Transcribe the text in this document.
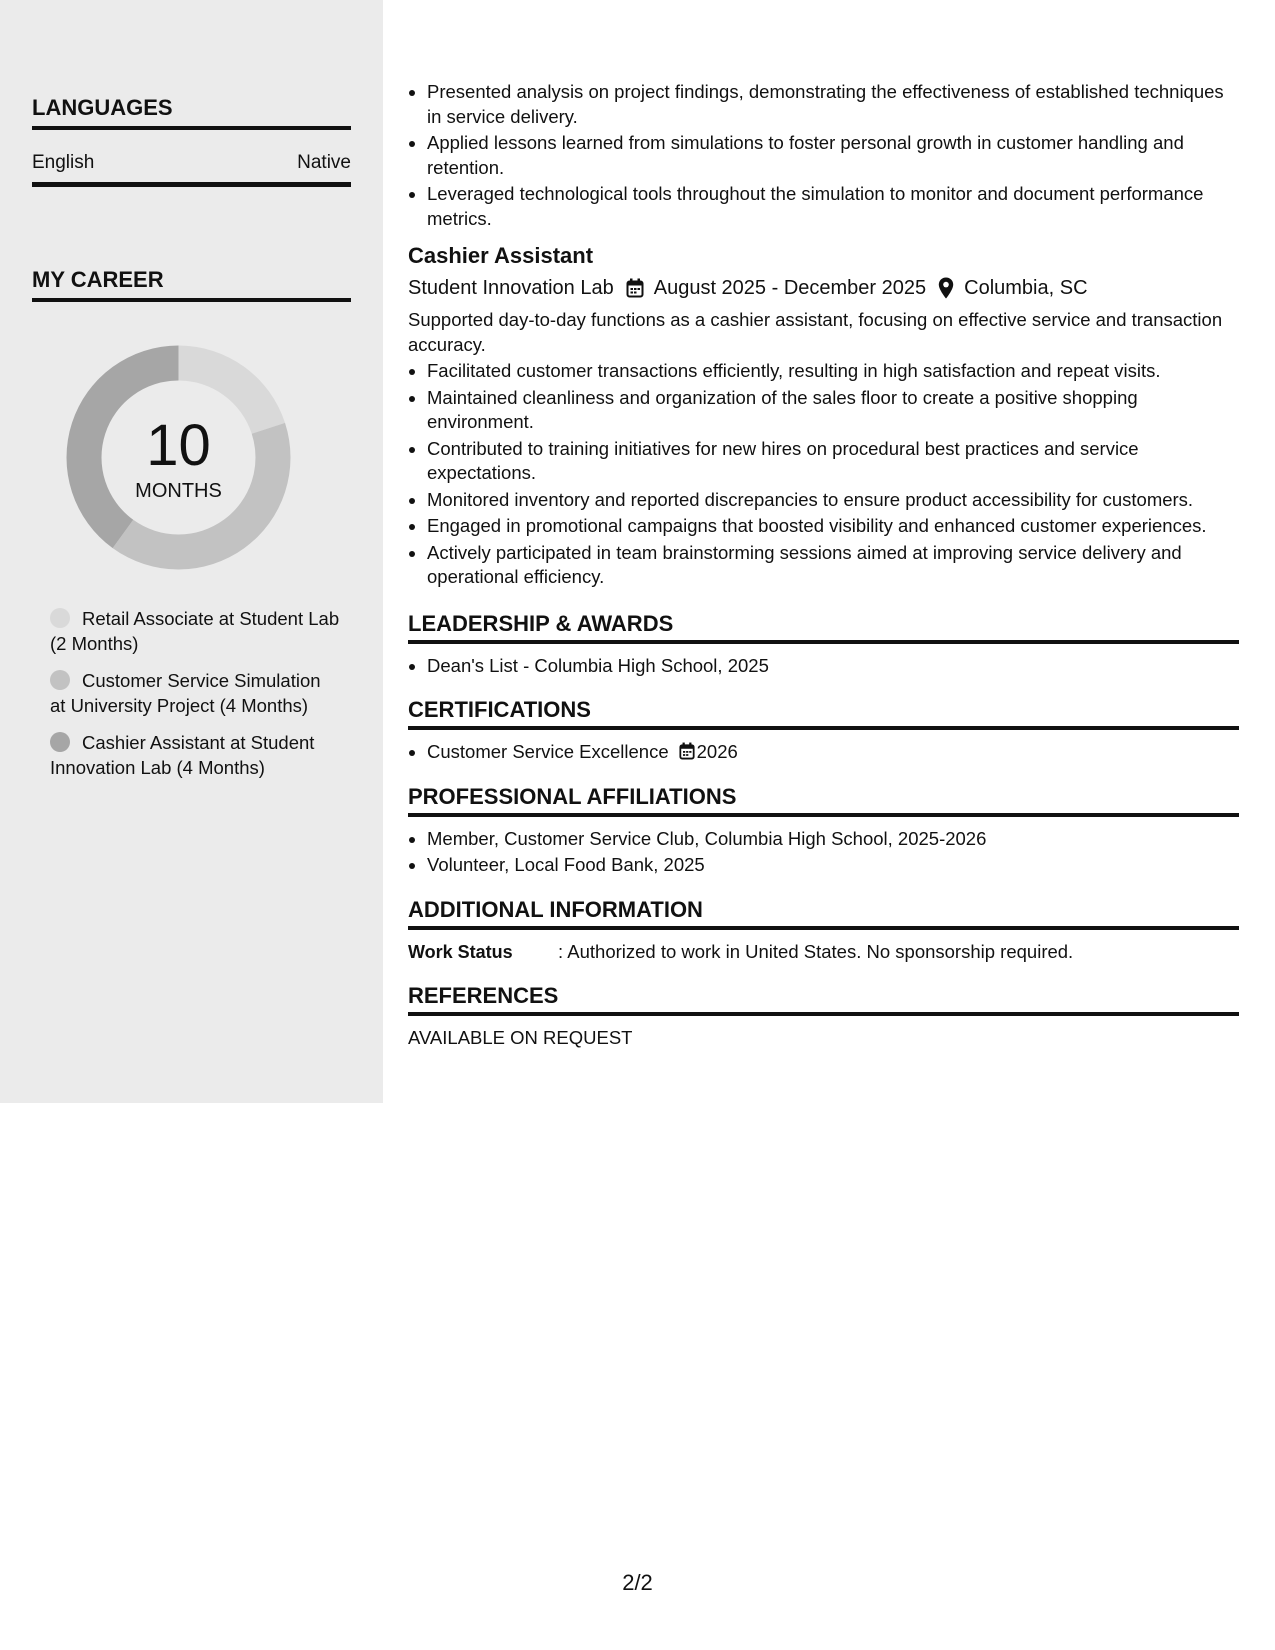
LANGUAGES
English	Native
MY CAREER
10
MONTHS
Retail Associate at Student Lab (2 Months)
Customer Service Simulation at University Project (4 Months)
Cashier Assistant at Student Innovation Lab (4 Months)
• Presented analysis on project findings, demonstrating the effectiveness of established techniques in service delivery.
• Applied lessons learned from simulations to foster personal growth in customer handling and retention.
• Leveraged technological tools throughout the simulation to monitor and document performance metrics.
Cashier Assistant
Student Innovation Lab August 2025 - December 2025 Columbia, SC
Supported day-to-day functions as a cashier assistant, focusing on effective service and transaction accuracy.
• Facilitated customer transactions efficiently, resulting in high satisfaction and repeat visits.
• Maintained cleanliness and organization of the sales floor to create a positive shopping environment.
• Contributed to training initiatives for new hires on procedural best practices and service expectations.
• Monitored inventory and reported discrepancies to ensure product accessibility for customers.
• Engaged in promotional campaigns that boosted visibility and enhanced customer experiences.
• Actively participated in team brainstorming sessions aimed at improving service delivery and operational efficiency.
LEADERSHIP & AWARDS
• Dean's List - Columbia High School, 2025
CERTIFICATIONS
• Customer Service Excellence 2026
PROFESSIONAL AFFILIATIONS
• Member, Customer Service Club, Columbia High School, 2025-2026
• Volunteer, Local Food Bank, 2025
ADDITIONAL INFORMATION
Work Status	: Authorized to work in United States. No sponsorship required.
REFERENCES
AVAILABLE ON REQUEST
2/2
